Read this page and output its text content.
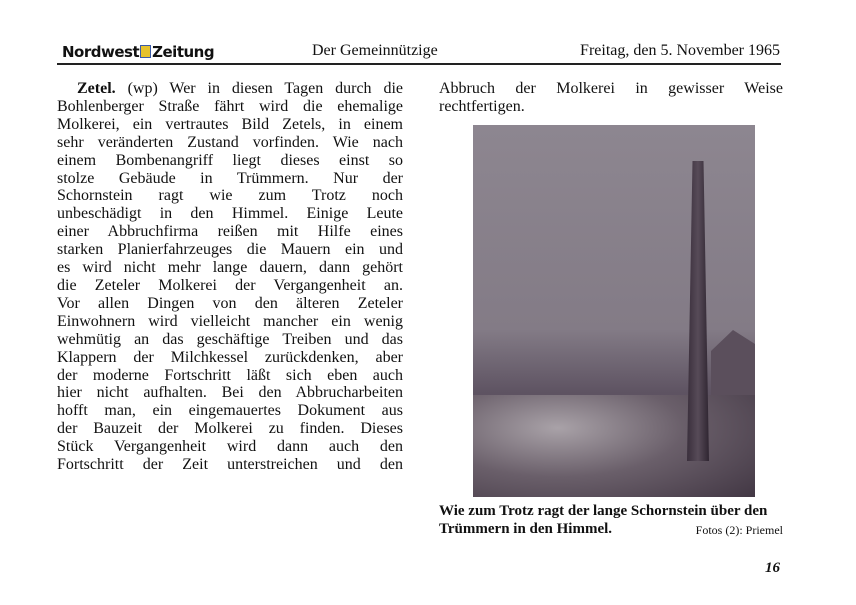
Nordwest Zeitung	Der Gemeinnützige	Freitag, den 5. November 1965
Zetel. (wp) Wer in diesen Tagen durch die
Bohlenberger Straße fährt wird die ehemalige
Molkerei, ein vertrautes Bild Zetels, in einem
sehr veränderten Zustand vorfinden. Wie nach
einem Bombenangriff liegt dieses einst so
stolze Gebäude in Trümmern. Nur der
Schornstein ragt wie zum Trotz noch
unbeschädigt in den Himmel. Einige Leute
einer Abbruchfirma reißen mit Hilfe eines
starken Planierfahrzeuges die Mauern ein und
es wird nicht mehr lange dauern, dann gehört
die Zeteler Molkerei der Vergangenheit an.
Vor allen Dingen von den älteren Zeteler
Einwohnern wird vielleicht mancher ein wenig
wehmütig an das geschäftige Treiben und das
Klappern der Milchkessel zurückdenken, aber
der moderne Fortschritt läßt sich eben auch
hier nicht aufhalten. Bei den Abbrucharbeiten
hofft man, ein eingemauertes Dokument aus
der Bauzeit der Molkerei zu finden. Dieses
Stück Vergangenheit wird dann auch den
Fortschritt der Zeit unterstreichen und den
Abbruch der Molkerei in gewisser Weise
rechtfertigen.
Wie zum Trotz ragt der lange Schornstein über den Trümmern in den Himmel.	Fotos (2): Priemel
16
